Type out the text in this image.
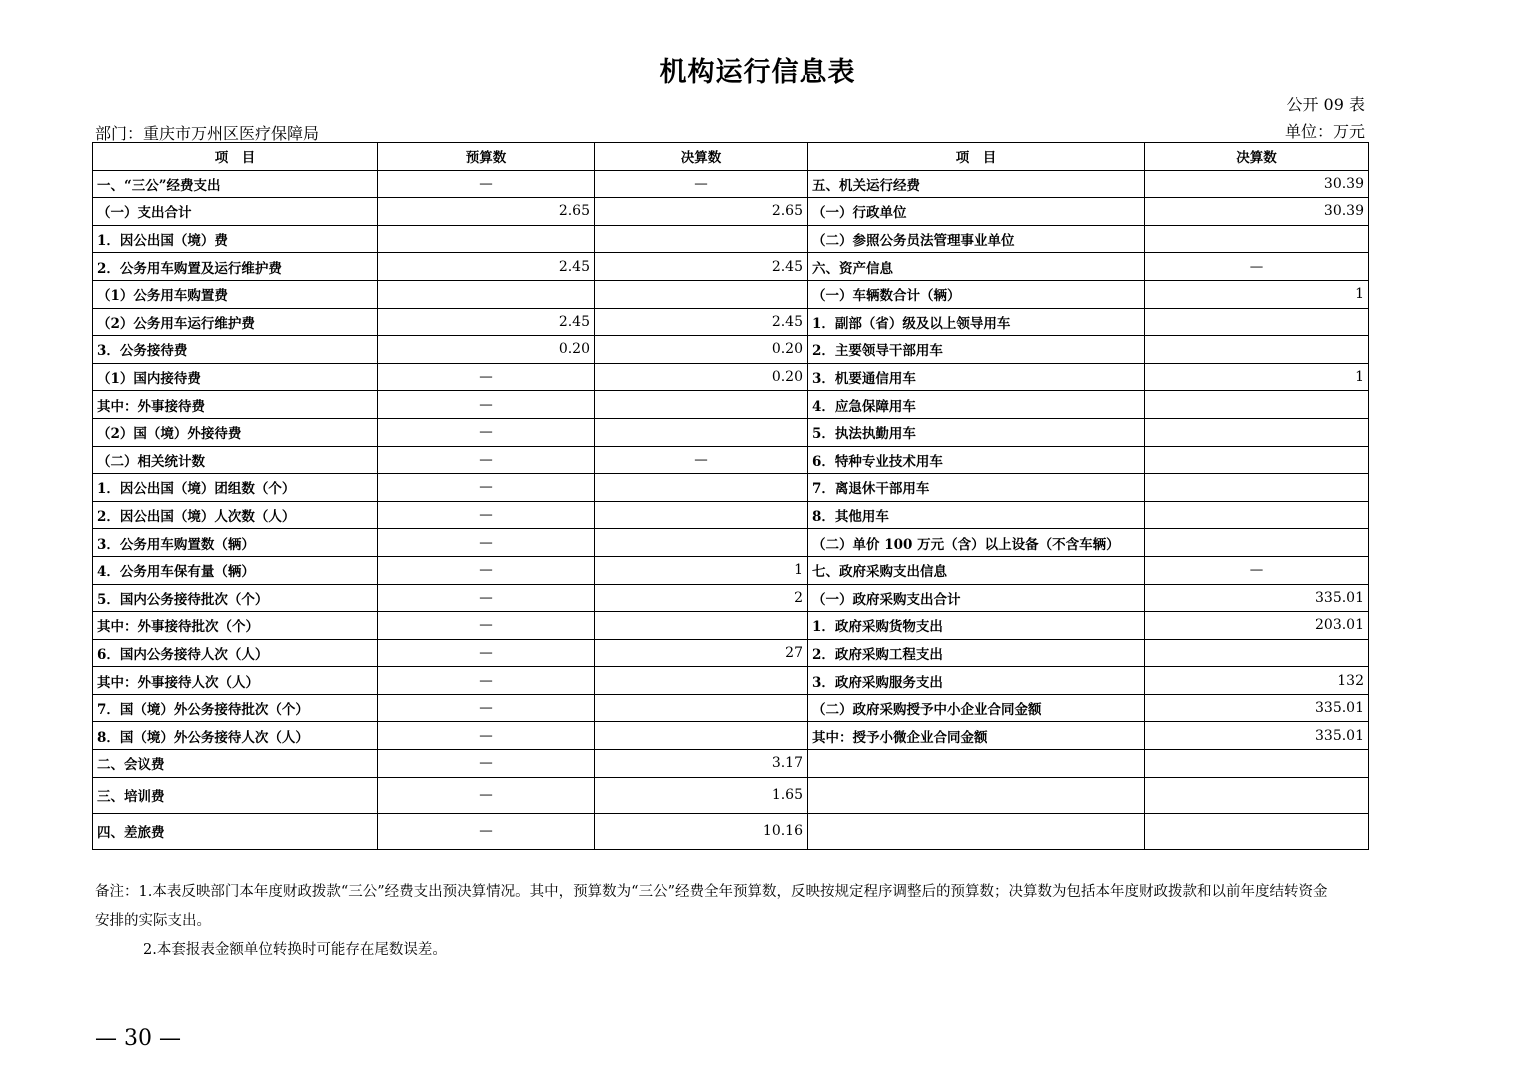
机构运行信息表
公开 09 表
部门：重庆市万州区医疗保障局	单位：万元
项　目	预算数	决算数	项　目	决算数
一、“三公”经费支出	—	—	五、机关运行经费	30.39
（一）支出合计	2.65	2.65	（一）行政单位	30.39
1．因公出国（境）费			（二）参照公务员法管理事业单位	
2．公务用车购置及运行维护费	2.45	2.45	六、资产信息	—
（1）公务用车购置费			（一）车辆数合计（辆）	1
（2）公务用车运行维护费	2.45	2.45	1．副部（省）级及以上领导用车	
3．公务接待费	0.20	0.20	2．主要领导干部用车	
（1）国内接待费	—	0.20	3．机要通信用车	1
其中：外事接待费	—		4．应急保障用车	
（2）国（境）外接待费	—		5．执法执勤用车	
（二）相关统计数	—	—	6．特种专业技术用车	
1．因公出国（境）团组数（个）	—		7．离退休干部用车	
2．因公出国（境）人次数（人）	—		8．其他用车	
3．公务用车购置数（辆）	—		（二）单价 100 万元（含）以上设备（不含车辆）	
4．公务用车保有量（辆）	—	1	七、政府采购支出信息	—
5．国内公务接待批次（个）	—	2	（一）政府采购支出合计	335.01
其中：外事接待批次（个）	—		1．政府采购货物支出	203.01
6．国内公务接待人次（人）	—	27	2．政府采购工程支出	
其中：外事接待人次（人）	—		3．政府采购服务支出	132
7．国（境）外公务接待批次（个）	—		（二）政府采购授予中小企业合同金额	335.01
8．国（境）外公务接待人次（人）	—		其中：授予小微企业合同金额	335.01
二、会议费	—	3.17		
三、培训费	—	1.65		
四、差旅费	—	10.16		
备注：1.本表反映部门本年度财政拨款“三公”经费支出预决算情况。其中，预算数为“三公”经费全年预算数，反映按规定程序调整后的预算数；决算数为包括本年度财政拨款和以前年度结转资金
安排的实际支出。
2.本套报表金额单位转换时可能存在尾数误差。
— 30 —
